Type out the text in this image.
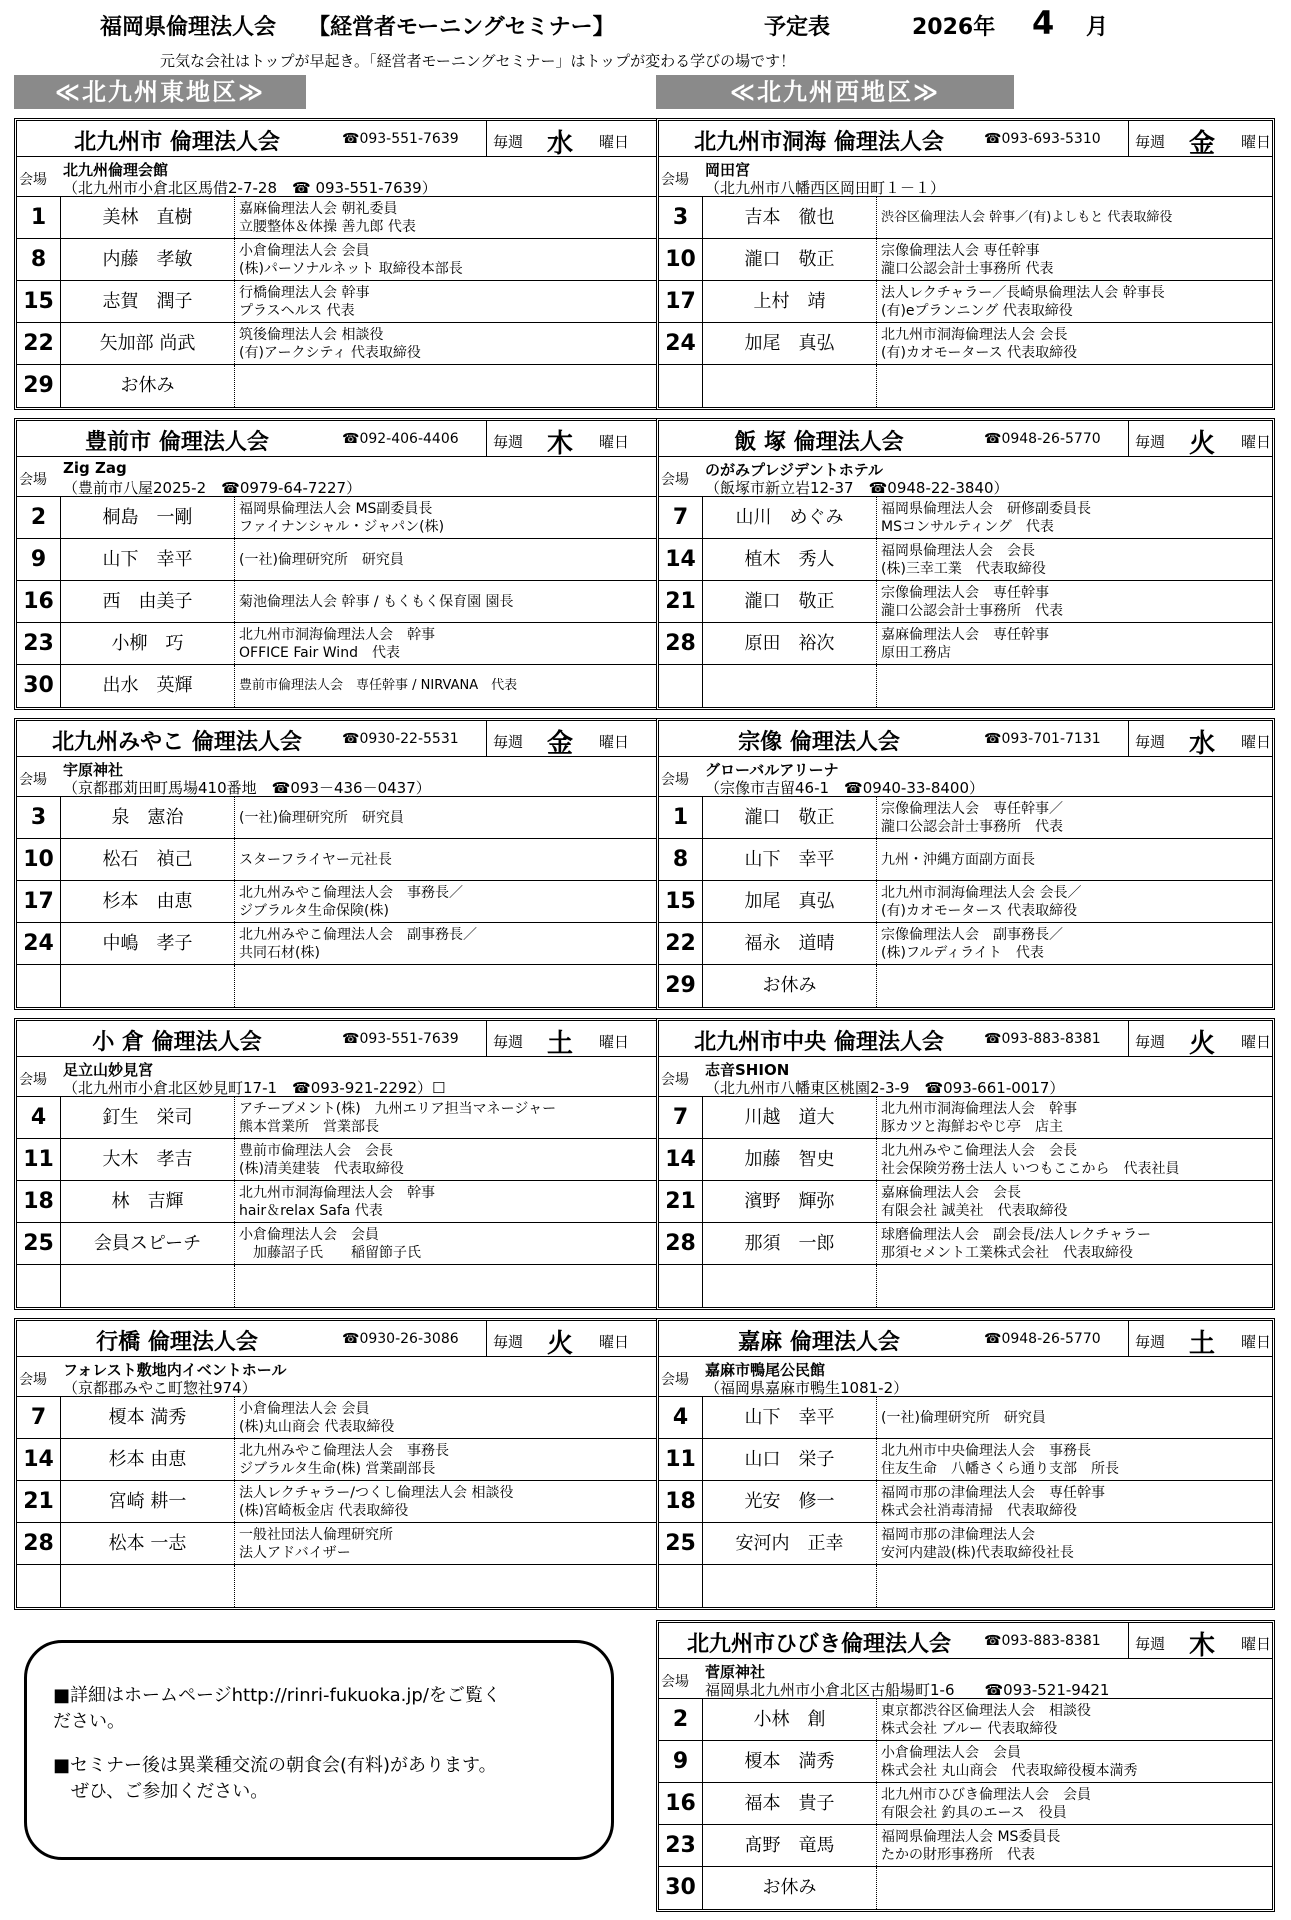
福岡県倫理法人会 【経営者モーニングセミナー】	予定表	2026年 4 月
元気な会社はトップが早起き。「経営者モーニングセミナー」はトップが変わる学びの場です！
≪北九州東地区≫	≪北九州西地区≫
北九州市 倫理法人会	☎093-551-7639 毎週 水 曜日
会場
北九州倫理会館
（北九州市小倉北区馬借2-7-28　☎ 093-551-7639）
1	美林　直樹	嘉麻倫理法人会 朝礼委員
立腰整体＆体操 善九郎 代表
8	内藤　孝敏	小倉倫理法人会 会員
(株)パーソナルネット 取締役本部長
15	志賀　潤子	行橋倫理法人会 幹事
プラスヘルス 代表
22	矢加部 尚武	筑後倫理法人会 相談役
(有)アークシティ 代表取締役
29	お休み
豊前市 倫理法人会	☎092-406-4406 毎週 木 曜日
会場
Zig Zag
（豊前市八屋2025-2　☎0979-64-7227）
2	桐島　一剛	福岡県倫理法人会 MS副委員長
ファイナンシャル・ジャパン(株)
9	山下　幸平	(一社)倫理研究所　研究員
16	西　由美子	菊池倫理法人会 幹事 / もくもく保育園 園長
23	小柳　巧	北九州市洞海倫理法人会　幹事
OFFICE Fair Wind　代表
30	出水　英輝	豊前市倫理法人会　専任幹事 / NIRVANA　代表
北九州みやこ 倫理法人会	☎0930-22-5531 毎週 金 曜日
会場
宇原神社
（京都郡苅田町馬場410番地　☎093－436－0437）
3	泉　憲治	(一社)倫理研究所　研究員
10	松石　禎己	スターフライヤー元社長
17	杉本　由恵	北九州みやこ倫理法人会　事務長／
ジブラルタ生命保険(株)
24	中嶋　孝子	北九州みやこ倫理法人会　副事務長／
共同石材(株)
小 倉 倫理法人会	☎093-551-7639 毎週 土 曜日
会場
足立山妙見宮
（北九州市小倉北区妙見町17-1　☎093-921-2292）☐
4	釘生　栄司	アチーブメント(株)　九州エリア担当マネージャー
熊本営業所　営業部長
11	大木　孝吉	豊前市倫理法人会　会長
(株)清美建装　代表取締役
18	林　吉輝	北九州市洞海倫理法人会　幹事
hair＆relax Safa 代表
25	会員スピーチ	小倉倫理法人会　会員
　加藤詔子氏　　稲留節子氏
行橋 倫理法人会	☎0930-26-3086 毎週 火 曜日
会場
フォレスト敷地内イベントホール
（京都郡みやこ町惣社974）
7	榎本 満秀	小倉倫理法人会 会員
(株)丸山商会 代表取締役
14	杉本 由恵	北九州みやこ倫理法人会　事務長
ジブラルタ生命(株) 営業副部長
21	宮崎 耕一	法人レクチャラー/つくし倫理法人会 相談役
(株)宮崎板金店 代表取締役
28	松本 一志	一般社団法人倫理研究所
法人アドバイザー
北九州市洞海 倫理法人会	☎093-693-5310 毎週 金 曜日
会場
岡田宮
（北九州市八幡西区岡田町１－１）
3	吉本　徹也	渋谷区倫理法人会 幹事／(有)よしもと 代表取締役
10	瀧口　敬正	宗像倫理法人会 専任幹事
瀧口公認会計士事務所 代表
17	上村　靖	法人レクチャラー／長崎県倫理法人会 幹事長
(有)eプランニング 代表取締役
24	加尾　真弘	北九州市洞海倫理法人会 会長
(有)カオモータース 代表取締役
飯 塚 倫理法人会	☎0948-26-5770 毎週 火 曜日
会場
のがみプレジデントホテル
（飯塚市新立岩12-37　☎0948-22-3840）
7	山川　めぐみ	福岡県倫理法人会　研修副委員長
MSコンサルティング　代表
14	植木　秀人	福岡県倫理法人会　会長
(株)三幸工業　代表取締役
21	瀧口　敬正	宗像倫理法人会　専任幹事
瀧口公認会計士事務所　代表
28	原田　裕次	嘉麻倫理法人会　専任幹事
原田工務店
宗像 倫理法人会	☎093-701-7131 毎週 水 曜日
会場
グローバルアリーナ
（宗像市吉留46-1　☎0940-33-8400）
1	瀧口　敬正	宗像倫理法人会　専任幹事／
瀧口公認会計士事務所　代表
8	山下　幸平	九州・沖縄方面副方面長
15	加尾　真弘	北九州市洞海倫理法人会 会長／
(有)カオモータース 代表取締役
22	福永　道晴	宗像倫理法人会　副事務長／
(株)フルディライト　代表
29	お休み
北九州市中央 倫理法人会	☎093-883-8381 毎週 火 曜日
会場
志音SHION
（北九州市八幡東区桃園2-3-9　☎093-661-0017）
7	川越　道大	北九州市洞海倫理法人会　幹事
豚カツと海鮮おやじ亭　店主
14	加藤　智史	北九州みやこ倫理法人会　会長
社会保険労務士法人 いつもここから　代表社員
21	濱野　輝弥	嘉麻倫理法人会　会長
有限会社 誠美社　代表取締役
28	那須　一郎	球磨倫理法人会　副会長/法人レクチャラー
那須セメント工業株式会社　代表取締役
嘉麻 倫理法人会	☎0948-26-5770 毎週 土 曜日
会場
嘉麻市鴨尾公民館
（福岡県嘉麻市鴨生1081-2）
4	山下　幸平	(一社)倫理研究所　研究員
11	山口　栄子	北九州市中央倫理法人会　事務長
住友生命　八幡さくら通り支部　所長
18	光安　修一	福岡市那の津倫理法人会　専任幹事
株式会社消毒清掃　代表取締役
25	安河内　正幸	福岡市那の津倫理法人会
安河内建設(株)代表取締役社長
北九州市ひびき倫理法人会	☎093-883-8381 毎週 木 曜日
会場
菅原神社
福岡県北九州市小倉北区古船場町1-6　　☎093-521-9421
2	小林　創	東京都渋谷区倫理法人会　相談役
株式会社 ブルー 代表取締役
9	榎本　満秀	小倉倫理法人会　会員
株式会社 丸山商会　代表取締役榎本満秀
16	福本　貴子	北九州市ひびき倫理法人会　会員
有限会社 釣具のエース　役員
23	髙野　竜馬	福岡県倫理法人会 MS委員長
たかの財形事務所　代表
30	お休み

■詳細はホームページhttp://rinri-fukuoka.jp/をご覧く
ださい。

■セミナー後は異業種交流の朝食会(有料)があります。
　ぜひ、ご参加ください。
